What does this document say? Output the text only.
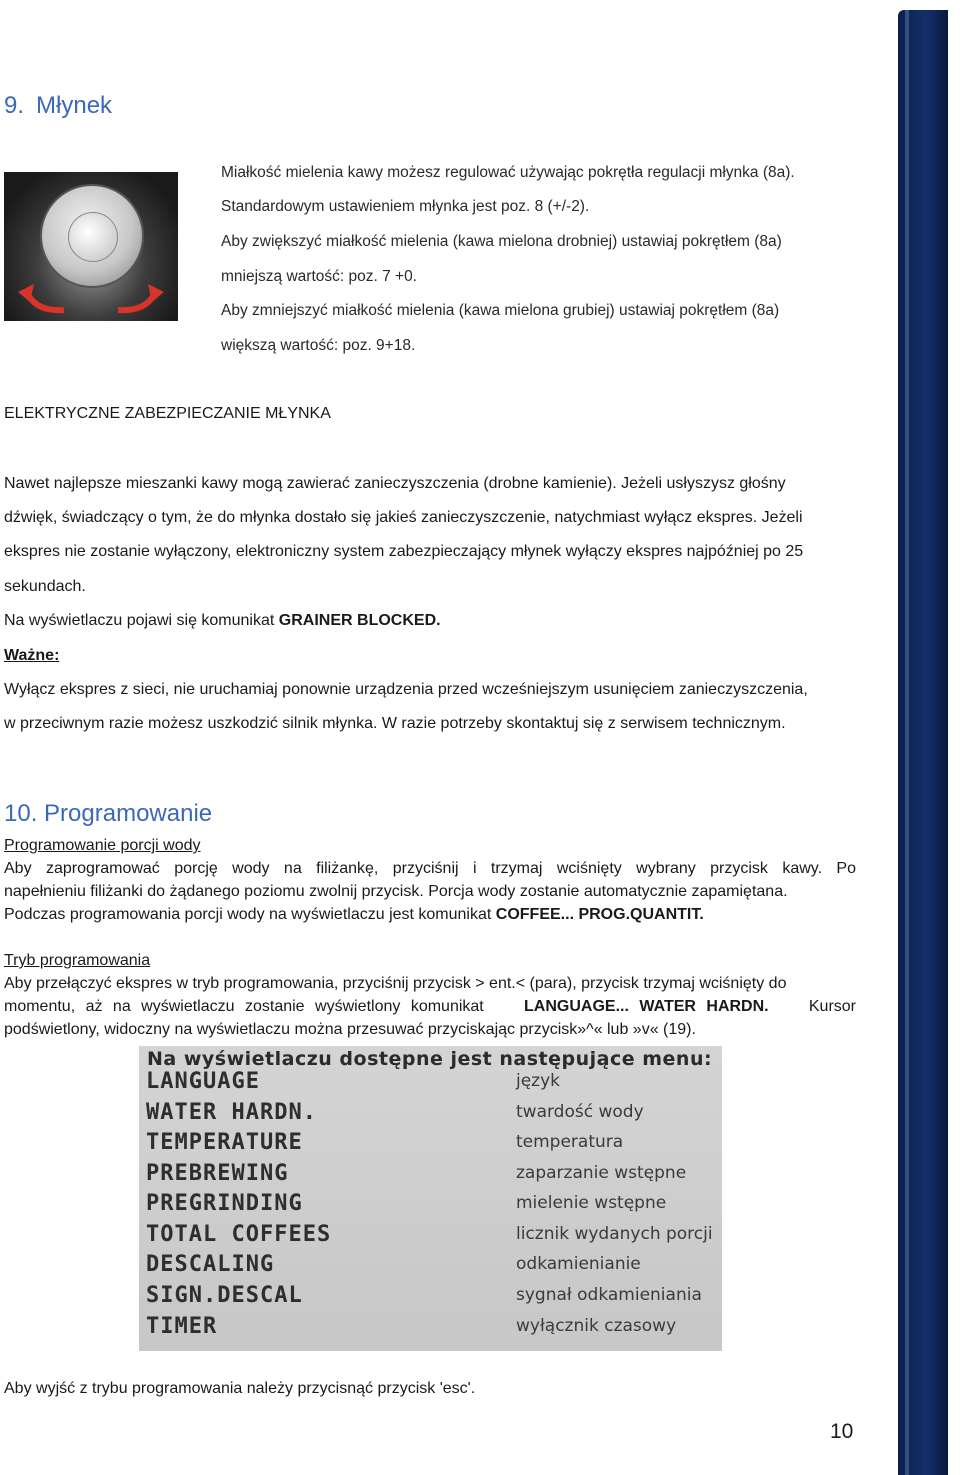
9. Młynek
Miałkość mielenia kawy możesz regulować używając pokrętła regulacji młynka (8a).
Standardowym ustawieniem młynka jest poz. 8 (+/-2).
Aby zwiększyć miałkość mielenia (kawa mielona drobniej) ustawiaj pokrętłem (8a)
mniejszą wartość: poz. 7 +0.
Aby zmniejszyć miałkość mielenia (kawa mielona grubiej) ustawiaj pokrętłem (8a)
większą wartość: poz. 9+18.
ELEKTRYCZNE ZABEZPIECZANIE MŁYNKA
Nawet najlepsze mieszanki kawy mogą zawierać zanieczyszczenia (drobne kamienie). Jeżeli usłyszysz głośny
dźwięk, świadczący o tym, że do młynka dostało się jakieś zanieczyszczenie, natychmiast wyłącz ekspres. Jeżeli
ekspres nie zostanie wyłączony, elektroniczny system zabezpieczający młynek wyłączy ekspres najpóźniej po 25
sekundach.
Na wyświetlaczu pojawi się komunikat GRAINER BLOCKED.
Ważne:
Wyłącz ekspres z sieci, nie uruchamiaj ponownie urządzenia przed wcześniejszym usunięciem zanieczyszczenia,
w przeciwnym razie możesz uszkodzić silnik młynka. W razie potrzeby skontaktuj się z serwisem technicznym.
10. Programowanie
Programowanie porcji wody
Aby zaprogramować porcję wody na filiżankę, przyciśnij i trzymaj wciśnięty wybrany przycisk kawy. Po
napełnieniu filiżanki do żądanego poziomu zwolnij przycisk. Porcja wody zostanie automatycznie zapamiętana.
Podczas programowania porcji wody na wyświetlaczu jest komunikat COFFEE... PROG.QUANTIT.
Tryb programowania
Aby przełączyć ekspres w tryb programowania, przyciśnij przycisk > ent.< (para), przycisk trzymaj wciśnięty do
momentu, aż na wyświetlaczu zostanie wyświetlony komunikat	LANGUAGE... WATER HARDN.	Kursor
podświetlony, widoczny na wyświetlaczu można przesuwać przyciskając przycisk»^« lub »v« (19).
Na wyświetlaczu dostępne jest następujące menu:
LANGUAGE	język
WATER HARDN.	twardość wody
TEMPERATURE	temperatura
PREBREWING	zaparzanie wstępne
PREGRINDING	mielenie wstępne
TOTAL COFFEES	licznik wydanych porcji
DESCALING	odkamienianie
SIGN.DESCAL	sygnał odkamieniania
TIMER	wyłącznik czasowy
Aby wyjść z trybu programowania należy przycisnąć przycisk 'esc'.
10
